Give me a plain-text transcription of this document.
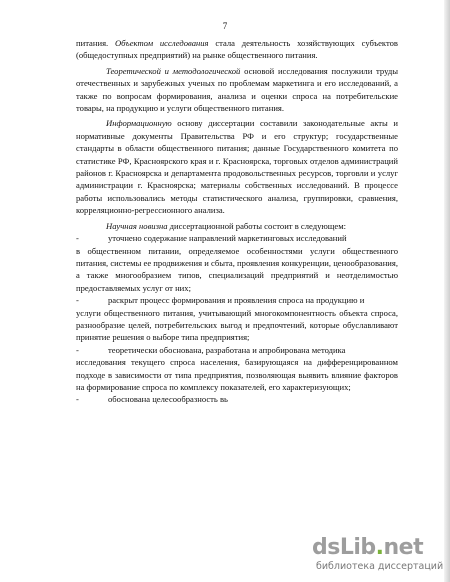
7

питания. Объектом исследования стала деятельность хозяйствующих субъектов (общедоступных предприятий) на рынке общественного питания.

Теоретической и методологической основой исследования послужили труды отечественных и зарубежных ученых по проблемам маркетинга и его исследований, а также по вопросам формирования, анализа и оценки спроса на потребительские товары, на продукцию и услуги общественного питания.

Информационную основу диссертации составили законодательные акты и нормативные документы Правительства РФ и его структур; государственные стандарты в области общественного питания; данные Государственного комитета по статистике РФ, Красноярского края и г. Красноярска, торговых отделов администраций районов г. Красноярска и департамента продовольственных ресурсов, торговли и услуг администрации г. Красноярска; материалы собственных исследований. В процессе работы использовались методы статистического анализа, группировки, сравнения, корреляционно-регрессионного анализа.

Научная новизна диссертационной работы состоит в следующем:

-	уточнено содержание направлений маркетинговых исследований
в общественном питании, определяемое особенностями услуги общественного питания, системы ее продвижения и сбыта, проявления конкуренции, ценообразования, а также многообразием типов, специализаций предприятий и неотделимостью предоставляемых услуг от них;
-	раскрыт процесс формирования и проявления спроса на продукцию и
услуги общественного питания, учитывающий многокомпонентность объекта спроса, разнообразие целей, потребительских выгод и предпочтений, которые обуславливают принятие решения о выборе типа предприятия;
-	теоретически обоснована, разработана и апробирована методика
исследования текущего спроса населения, базирующаяся на дифференцированном подходе в зависимости от типа предприятия, позволяющая выявить влияние факторов на формирование спроса по комплексу показателей, его характеризующих;
-	обоснована целесообразность вь
dsLib.net
библиотека диссертаций
